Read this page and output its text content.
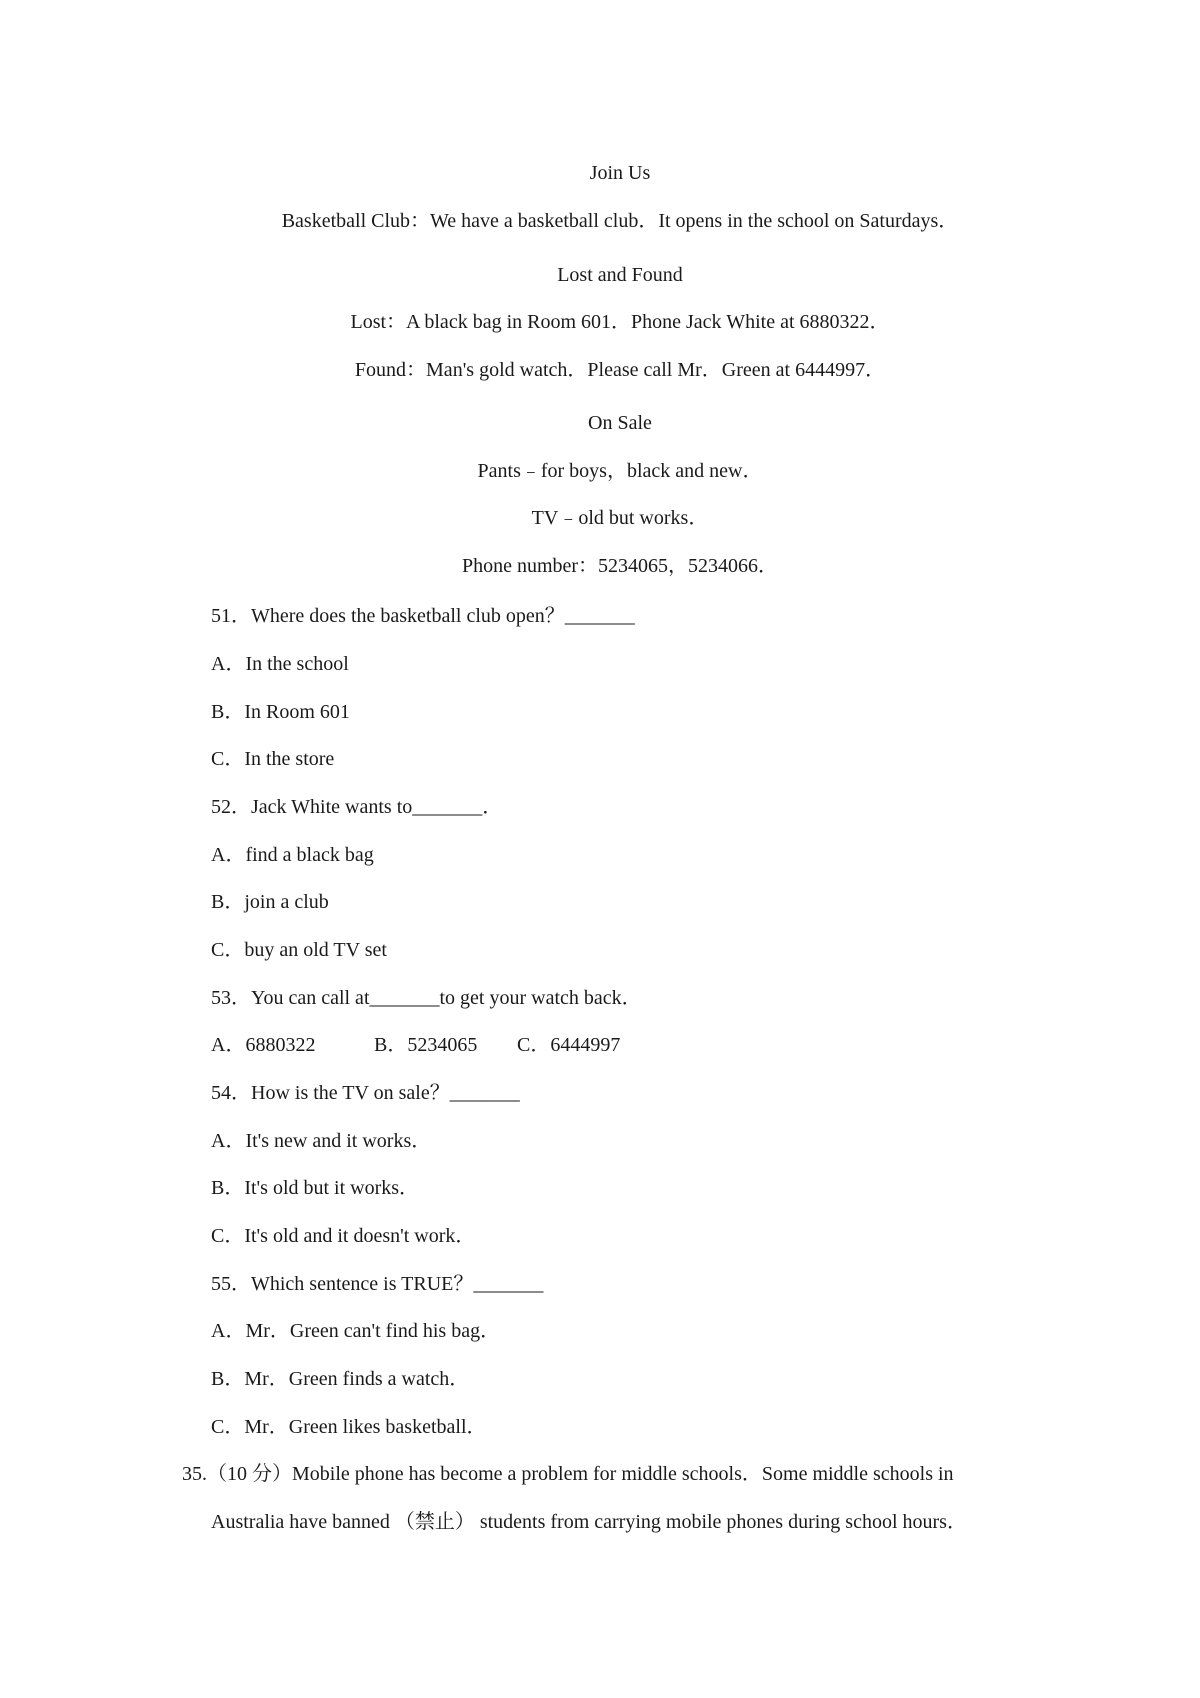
Join Us
Basketball Club：We have a basketball club．It opens in the school on Saturdays．
Lost and Found
Lost：A black bag in Room 601．Phone Jack White at 6880322．
Found：Man's gold watch．Please call Mr．Green at 6444997．
On Sale
Pants﹣for boys，black and new．
TV﹣old but works．
Phone number：5234065，5234066．
51．Where does the basketball club open？_______
A．In the school
B．In Room 601
C．In the store
52．Jack White wants to_______．
A．find a black bag
B．join a club
C．buy an old TV set
53．You can call at_______to get your watch back．
A．6880322	B．5234065	C．6444997
54．How is the TV on sale？_______
A．It's new and it works．
B．It's old but it works．
C．It's old and it doesn't work．
55．Which sentence is TRUE？_______
A．Mr．Green can't find his bag．
B．Mr．Green finds a watch．
C．Mr．Green likes basketball．
35.（10 分）Mobile phone has become a problem for middle schools．Some middle schools in
Australia have banned （禁止） students from carrying mobile phones during school hours．
